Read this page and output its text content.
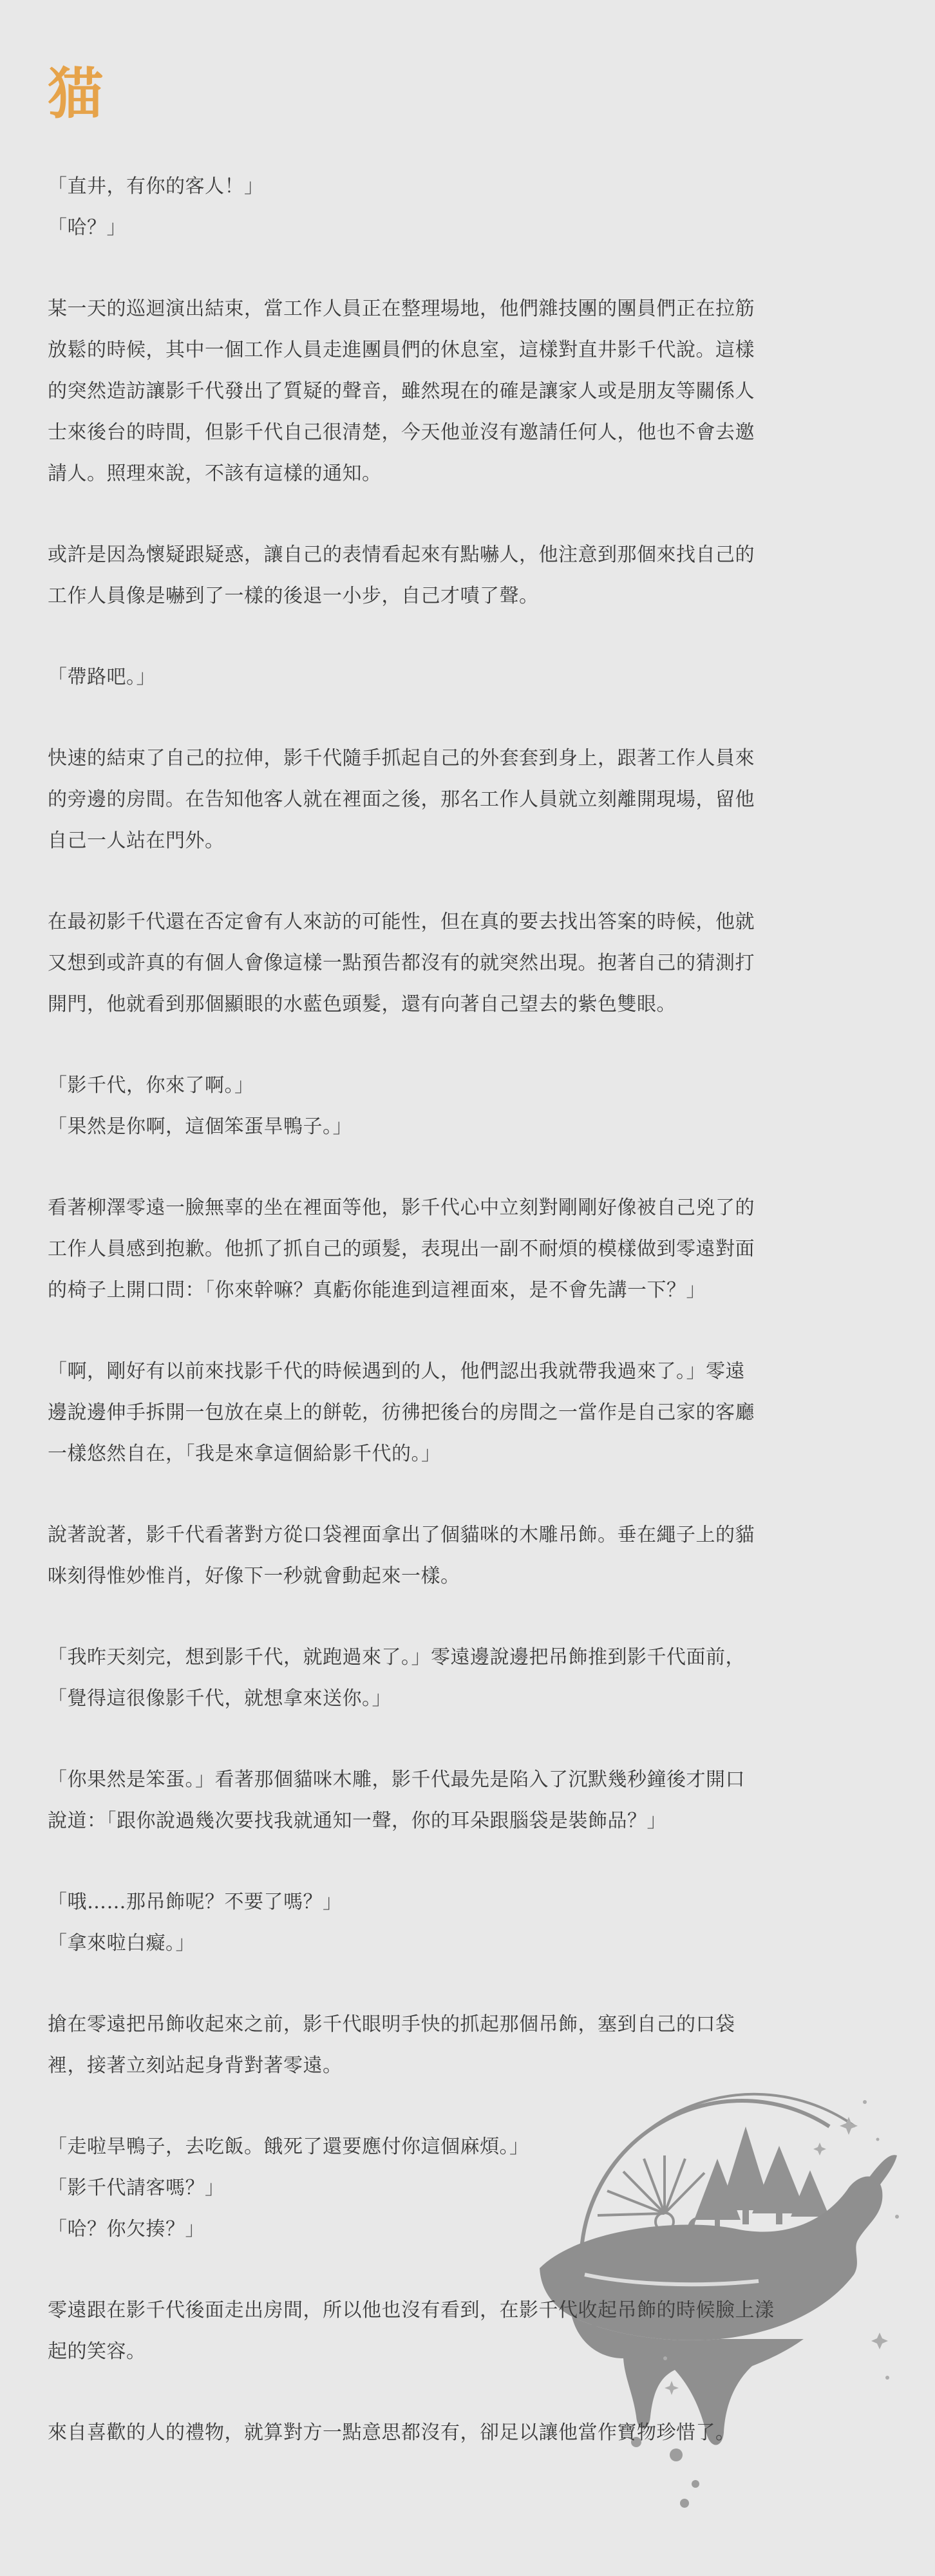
猫

「直井，有你的客人！」
「哈？」

某一天的巡迴演出結束，當工作人員正在整理場地，他們雜技團的團員們正在拉筋
放鬆的時候，其中一個工作人員走進團員們的休息室，這樣對直井影千代說。這樣
的突然造訪讓影千代發出了質疑的聲音，雖然現在的確是讓家人或是朋友等關係人
士來後台的時間，但影千代自己很清楚，今天他並沒有邀請任何人，他也不會去邀
請人。照理來說，不該有這樣的通知。

或許是因為懷疑跟疑惑，讓自己的表情看起來有點嚇人，他注意到那個來找自己的
工作人員像是嚇到了一樣的後退一小步，自己才嘖了聲。

「帶路吧。」

快速的結束了自己的拉伸，影千代隨手抓起自己的外套套到身上，跟著工作人員來
的旁邊的房間。在告知他客人就在裡面之後，那名工作人員就立刻離開現場，留他
自己一人站在門外。

在最初影千代還在否定會有人來訪的可能性，但在真的要去找出答案的時候，他就
又想到或許真的有個人會像這樣一點預告都沒有的就突然出現。抱著自己的猜測打
開門，他就看到那個顯眼的水藍色頭髮，還有向著自己望去的紫色雙眼。

「影千代，你來了啊。」
「果然是你啊，這個笨蛋旱鴨子。」

看著柳澤零遠一臉無辜的坐在裡面等他，影千代心中立刻對剛剛好像被自己兇了的
工作人員感到抱歉。他抓了抓自己的頭髮，表現出一副不耐煩的模樣做到零遠對面
的椅子上開口問：「你來幹嘛？真虧你能進到這裡面來，是不會先講一下？」

「啊，剛好有以前來找影千代的時候遇到的人，他們認出我就帶我過來了。」零遠
邊說邊伸手拆開一包放在桌上的餅乾，彷彿把後台的房間之一當作是自己家的客廳
一樣悠然自在，「我是來拿這個給影千代的。」

說著說著，影千代看著對方從口袋裡面拿出了個貓咪的木雕吊飾。垂在繩子上的貓
咪刻得惟妙惟肖，好像下一秒就會動起來一樣。

「我昨天刻完，想到影千代，就跑過來了。」零遠邊說邊把吊飾推到影千代面前，
「覺得這很像影千代，就想拿來送你。」

「你果然是笨蛋。」看著那個貓咪木雕，影千代最先是陷入了沉默幾秒鐘後才開口
說道：「跟你說過幾次要找我就通知一聲，你的耳朵跟腦袋是裝飾品？」

「哦……那吊飾呢？不要了嗎？」
「拿來啦白癡。」

搶在零遠把吊飾收起來之前，影千代眼明手快的抓起那個吊飾，塞到自己的口袋
裡，接著立刻站起身背對著零遠。

「走啦旱鴨子，去吃飯。餓死了還要應付你這個麻煩。」
「影千代請客嗎？」
「哈？你欠揍？」

零遠跟在影千代後面走出房間，所以他也沒有看到，在影千代收起吊飾的時候臉上漾
起的笑容。

來自喜歡的人的禮物，就算對方一點意思都沒有，卻足以讓他當作寶物珍惜了。
